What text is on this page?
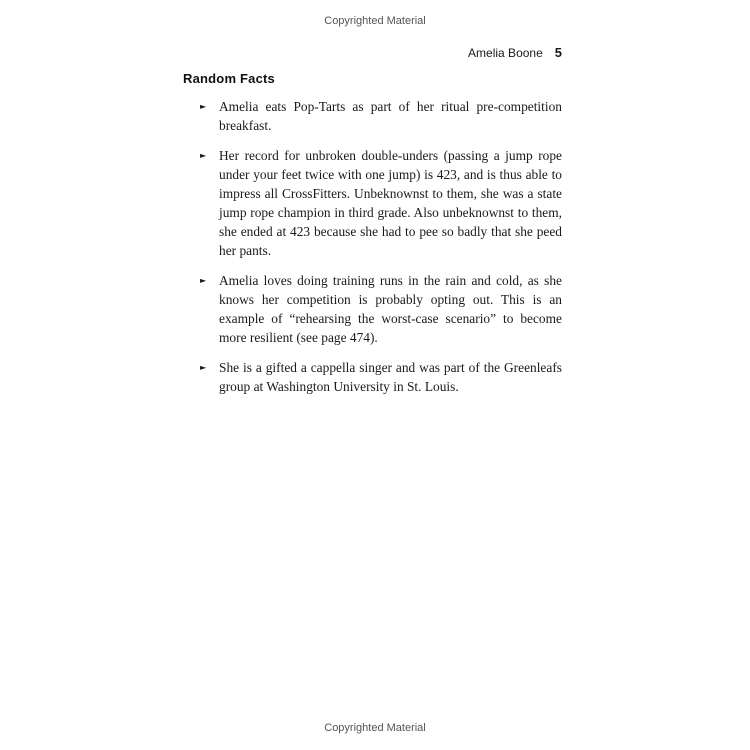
Copyrighted Material
Amelia Boone 5
Random Facts
► Amelia eats Pop-Tarts as part of her ritual pre-competition breakfast.
► Her record for unbroken double-unders (passing a jump rope under your feet twice with one jump) is 423, and is thus able to impress all CrossFitters. Unbeknownst to them, she was a state jump rope champion in third grade. Also unbeknownst to them, she ended at 423 because she had to pee so badly that she peed her pants.
► Amelia loves doing training runs in the rain and cold, as she knows her competition is probably opting out. This is an example of “rehearsing the worst-case scenario” to become more resilient (see page 474).
► She is a gifted a cappella singer and was part of the Greenleafs group at Washington University in St. Louis.
Copyrighted Material
